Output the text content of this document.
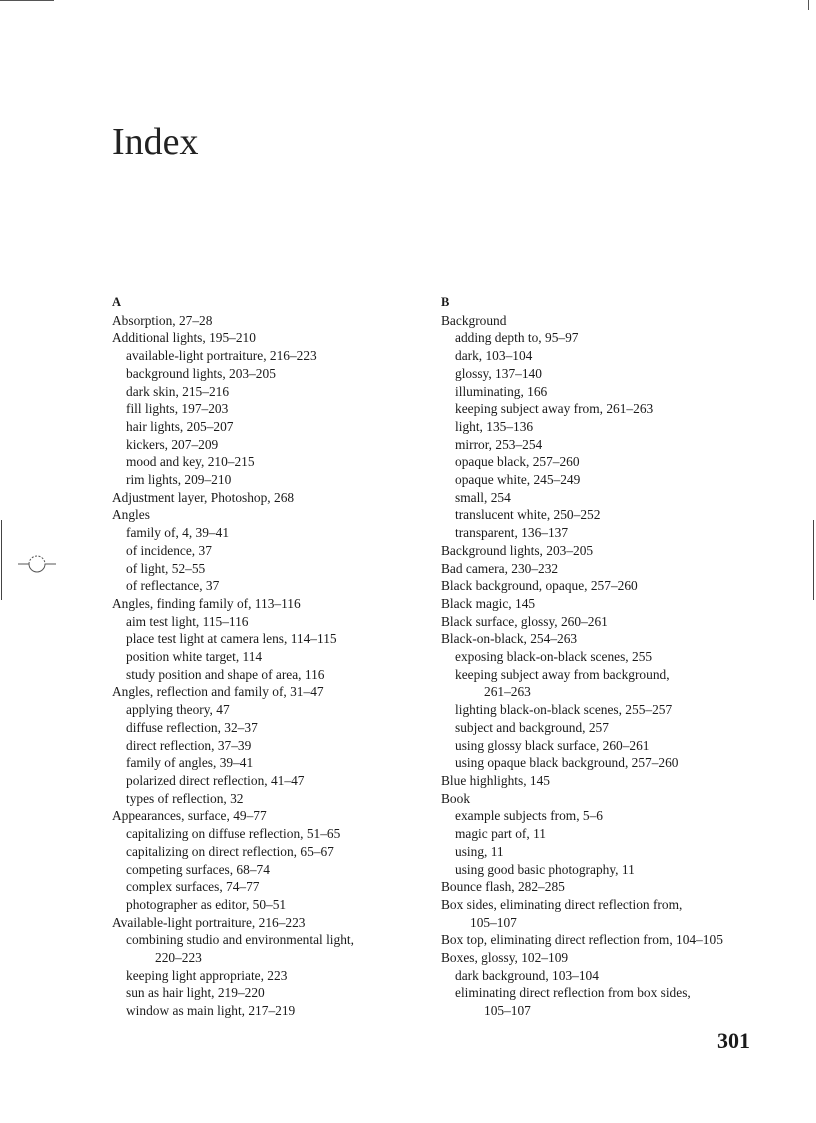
Index
A
Absorption, 27–28
Additional lights, 195–210
available-light portraiture, 216–223
background lights, 203–205
dark skin, 215–216
fill lights, 197–203
hair lights, 205–207
kickers, 207–209
mood and key, 210–215
rim lights, 209–210
Adjustment layer, Photoshop, 268
Angles
family of, 4, 39–41
of incidence, 37
of light, 52–55
of reflectance, 37
Angles, finding family of, 113–116
aim test light, 115–116
place test light at camera lens, 114–115
position white target, 114
study position and shape of area, 116
Angles, reflection and family of, 31–47
applying theory, 47
diffuse reflection, 32–37
direct reflection, 37–39
family of angles, 39–41
polarized direct reflection, 41–47
types of reflection, 32
Appearances, surface, 49–77
capitalizing on diffuse reflection, 51–65
capitalizing on direct reflection, 65–67
competing surfaces, 68–74
complex surfaces, 74–77
photographer as editor, 50–51
Available-light portraiture, 216–223
combining studio and environmental light,
220–223
keeping light appropriate, 223
sun as hair light, 219–220
window as main light, 217–219
B
Background
adding depth to, 95–97
dark, 103–104
glossy, 137–140
illuminating, 166
keeping subject away from, 261–263
light, 135–136
mirror, 253–254
opaque black, 257–260
opaque white, 245–249
small, 254
translucent white, 250–252
transparent, 136–137
Background lights, 203–205
Bad camera, 230–232
Black background, opaque, 257–260
Black magic, 145
Black surface, glossy, 260–261
Black-on-black, 254–263
exposing black-on-black scenes, 255
keeping subject away from background,
261–263
lighting black-on-black scenes, 255–257
subject and background, 257
using glossy black surface, 260–261
using opaque black background, 257–260
Blue highlights, 145
Book
example subjects from, 5–6
magic part of, 11
using, 11
using good basic photography, 11
Bounce flash, 282–285
Box sides, eliminating direct reflection from,
105–107
Box top, eliminating direct reflection from, 104–105
Boxes, glossy, 102–109
dark background, 103–104
eliminating direct reflection from box sides,
105–107
301
